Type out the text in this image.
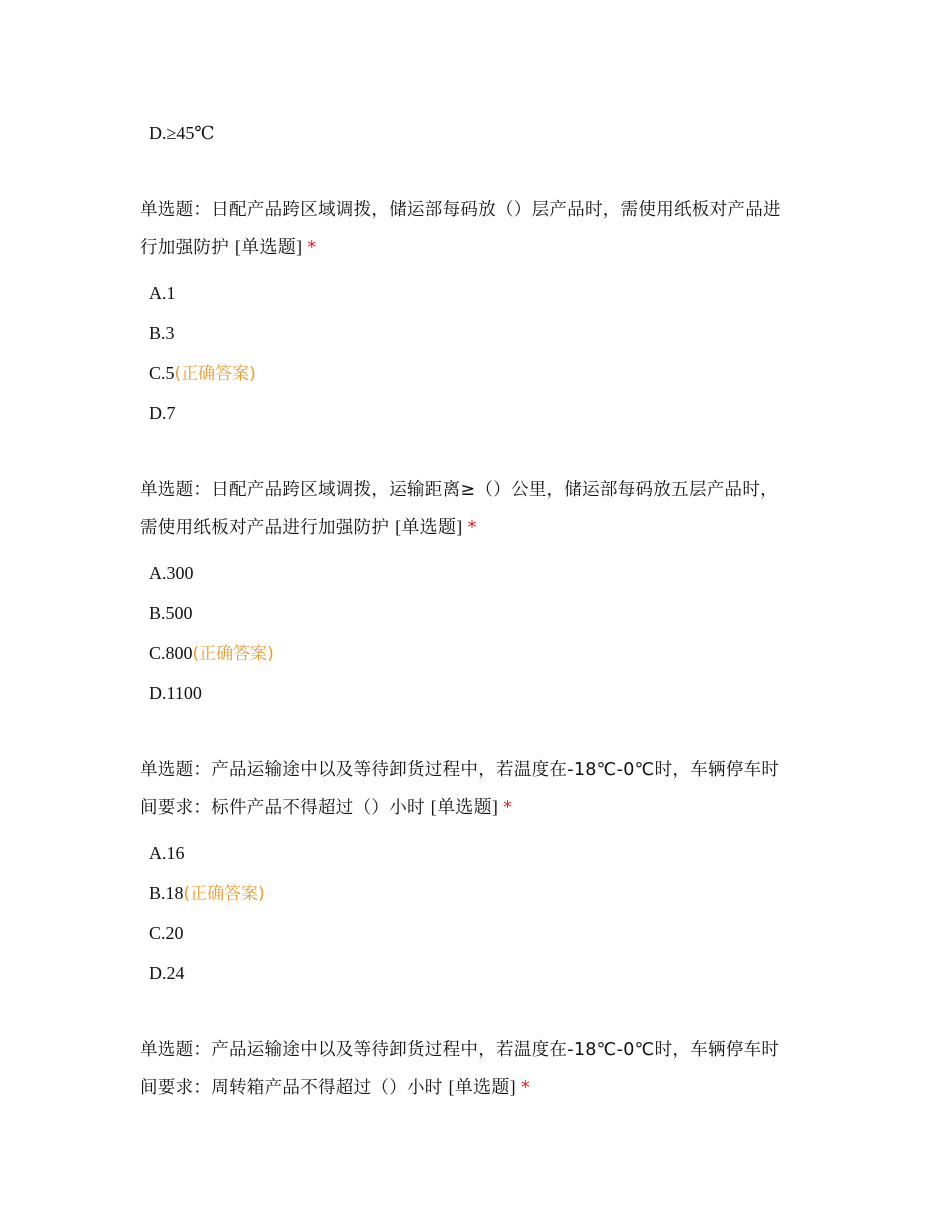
D.≥45℃
单选题：日配产品跨区域调拨，储运部每码放（）层产品时，需使用纸板对产品进
行加强防护 [单选题] *
A.1
B.3
C.5(正确答案)
D.7
单选题：日配产品跨区域调拨，运输距离≥（）公里，储运部每码放五层产品时，
需使用纸板对产品进行加强防护 [单选题] *
A.300
B.500
C.800(正确答案)
D.1100
单选题：产品运输途中以及等待卸货过程中，若温度在-18℃-0℃时，车辆停车时
间要求：标件产品不得超过（）小时 [单选题] *
A.16
B.18(正确答案)
C.20
D.24
单选题：产品运输途中以及等待卸货过程中，若温度在-18℃-0℃时，车辆停车时
间要求：周转箱产品不得超过（）小时 [单选题] *
